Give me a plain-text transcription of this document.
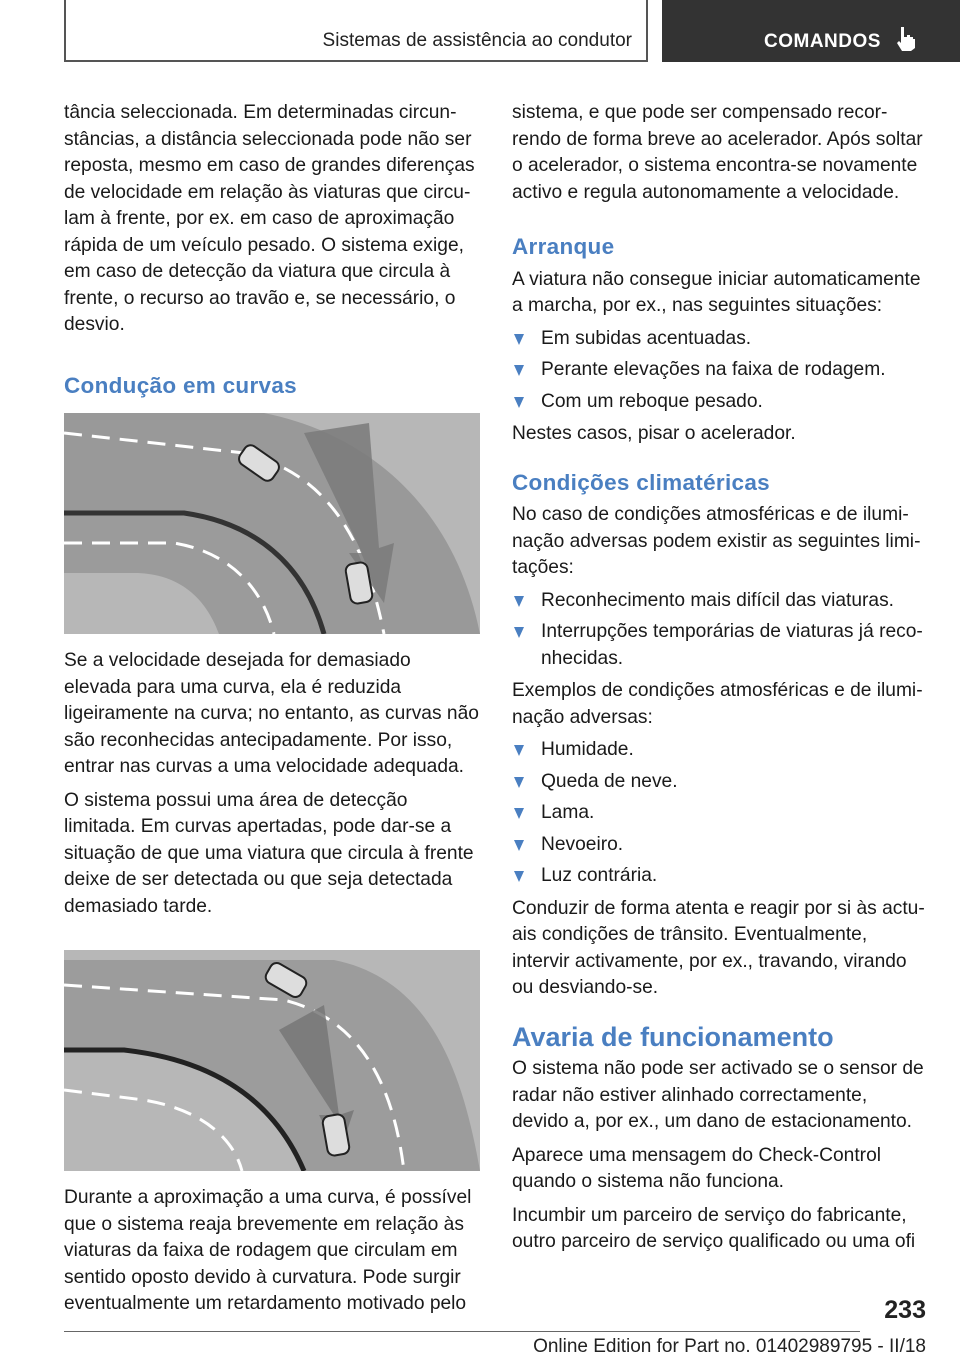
Sistemas de assistência ao condutor	COMANDOS

tância seleccionada. Em determinadas circunstâncias, a distância seleccionada pode não ser reposta, mesmo em caso de grandes diferenças de velocidade em relação às viaturas que circulam à frente, por ex. em caso de aproximação rápida de um veículo pesado. O sistema exige, em caso de detecção da viatura que circula à frente, o recurso ao travão e, se necessário, o desvio.

Condução em curvas

Se a velocidade desejada for demasiado elevada para uma curva, ela é reduzida ligeiramente na curva; no entanto, as curvas não são reconhecidas antecipadamente. Por isso, entrar nas curvas a uma velocidade adequada.

O sistema possui uma área de detecção limitada. Em curvas apertadas, pode dar-se a situação de que uma viatura que circula à frente deixe de ser detectada ou que seja detectada demasiado tarde.

Durante a aproximação a uma curva, é possível que o sistema reaja brevemente em relação às viaturas da faixa de rodagem que circulam em sentido oposto devido à curvatura. Pode surgir eventualmente um retardamento motivado pelo

sistema, e que pode ser compensado recorrendo de forma breve ao acelerador. Após soltar o acelerador, o sistema encontra-se novamente activo e regula autonomamente a velocidade.

Arranque

A viatura não consegue iniciar automaticamente a marcha, por ex., nas seguintes situações:

Em subidas acentuadas.
Perante elevações na faixa de rodagem.
Com um reboque pesado.

Nestes casos, pisar o acelerador.

Condições climatéricas

No caso de condições atmosféricas e de iluminação adversas podem existir as seguintes limitações:

Reconhecimento mais difícil das viaturas.
Interrupções temporárias de viaturas já reconhecidas.

Exemplos de condições atmosféricas e de iluminação adversas:

Humidade.
Queda de neve.
Lama.
Nevoeiro.
Luz contrária.

Conduzir de forma atenta e reagir por si às actuais condições de trânsito. Eventualmente, intervir activamente, por ex., travando, virando ou desviando-se.

Avaria de funcionamento

O sistema não pode ser activado se o sensor de radar não estiver alinhado correctamente, devido a, por ex., um dano de estacionamento.

Aparece uma mensagem do Check-Control quando o sistema não funciona.

Incumbir um parceiro de serviço do fabricante, outro parceiro de serviço qualificado ou uma ofi

233
Online Edition for Part no. 01402989795 - II/18
